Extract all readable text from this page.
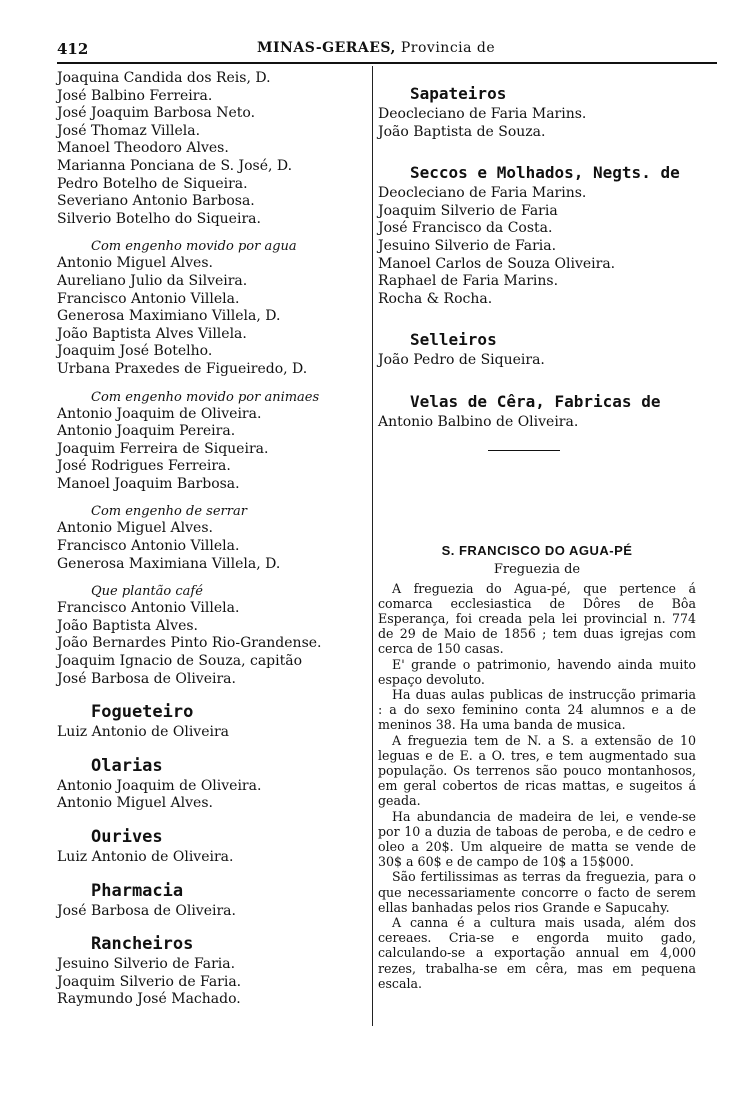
412	MINAS-GERAES, Provincia de
Joaquina Candida dos Reis, D.
José Balbino Ferreira.
José Joaquim Barbosa Neto.
José Thomaz Villela.
Manoel Theodoro Alves.
Marianna Ponciana de S. José, D.
Pedro Botelho de Siqueira.
Severiano Antonio Barbosa.
Silverio Botelho do Siqueira.
Com engenho movido por agua
Antonio Miguel Alves.
Aureliano Julio da Silveira.
Francisco Antonio Villela.
Generosa Maximiano Villela, D.
João Baptista Alves Villela.
Joaquim José Botelho.
Urbana Praxedes de Figueiredo, D.
Com engenho movido por animaes
Antonio Joaquim de Oliveira.
Antonio Joaquim Pereira.
Joaquim Ferreira de Siqueira.
José Rodrigues Ferreira.
Manoel Joaquim Barbosa.
Com engenho de serrar
Antonio Miguel Alves.
Francisco Antonio Villela.
Generosa Maximiana Villela, D.
Que plantão café
Francisco Antonio Villela.
João Baptista Alves.
João Bernardes Pinto Rio-Grandense.
Joaquim Ignacio de Souza, capitão
José Barbosa de Oliveira.
Fogueteiro
Luiz Antonio de Oliveira
Olarias
Antonio Joaquim de Oliveira.
Antonio Miguel Alves.
Ourives
Luiz Antonio de Oliveira.
Pharmacia
José Barbosa de Oliveira.
Rancheiros
Jesuino Silverio de Faria.
Joaquim Silverio de Faria.
Raymundo José Machado.
Sapateiros
Deocleciano de Faria Marins.
João Baptista de Souza.
Seccos e Molhados, Negts. de
Deocleciano de Faria Marins.
Joaquim Silverio de Faria
José Francisco da Costa.
Jesuino Silverio de Faria.
Manoel Carlos de Souza Oliveira.
Raphael de Faria Marins.
Rocha & Rocha.
Selleiros
João Pedro de Siqueira.
Velas de Cêra, Fabricas de
Antonio Balbino de Oliveira.
S. FRANCISCO DO AGUA-PÉ
Freguezia de

A freguezia do Agua-pé, que pertence á comarca ecclesiastica de Dôres de Bôa Esperança, foi creada pela lei provincial n. 774 de 29 de Maio de 1856 ; tem duas igrejas com cerca de 150 casas.

E' grande o patrimonio, havendo ainda muito espaço devoluto.

Ha duas aulas publicas de instrucção primaria : a do sexo feminino conta 24 alumnos e a de meninos 38. Ha uma banda de musica.

A freguezia tem de N. a S. a extensão de 10 leguas e de E. a O. tres, e tem augmentado sua população. Os terrenos são pouco montanhosos, em geral cobertos de ricas mattas, e sugeitos á geada.

Ha abundancia de madeira de lei, e vende-se por 10 a duzia de taboas de peroba, e de cedro e oleo a 20$. Um alqueire de matta se vende de 30$ a 60$ e de campo de 10$ a 15$000.

São fertilissimas as terras da freguezia, para o que necessariamente concorre o facto de serem ellas banhadas pelos rios Grande e Sapucahy.

A canna é a cultura mais usada, além dos cereaes. Cria-se e engorda muito gado, calculando-se a exportação annual em 4,000 rezes, trabalha-se em cêra, mas em pequena escala.
